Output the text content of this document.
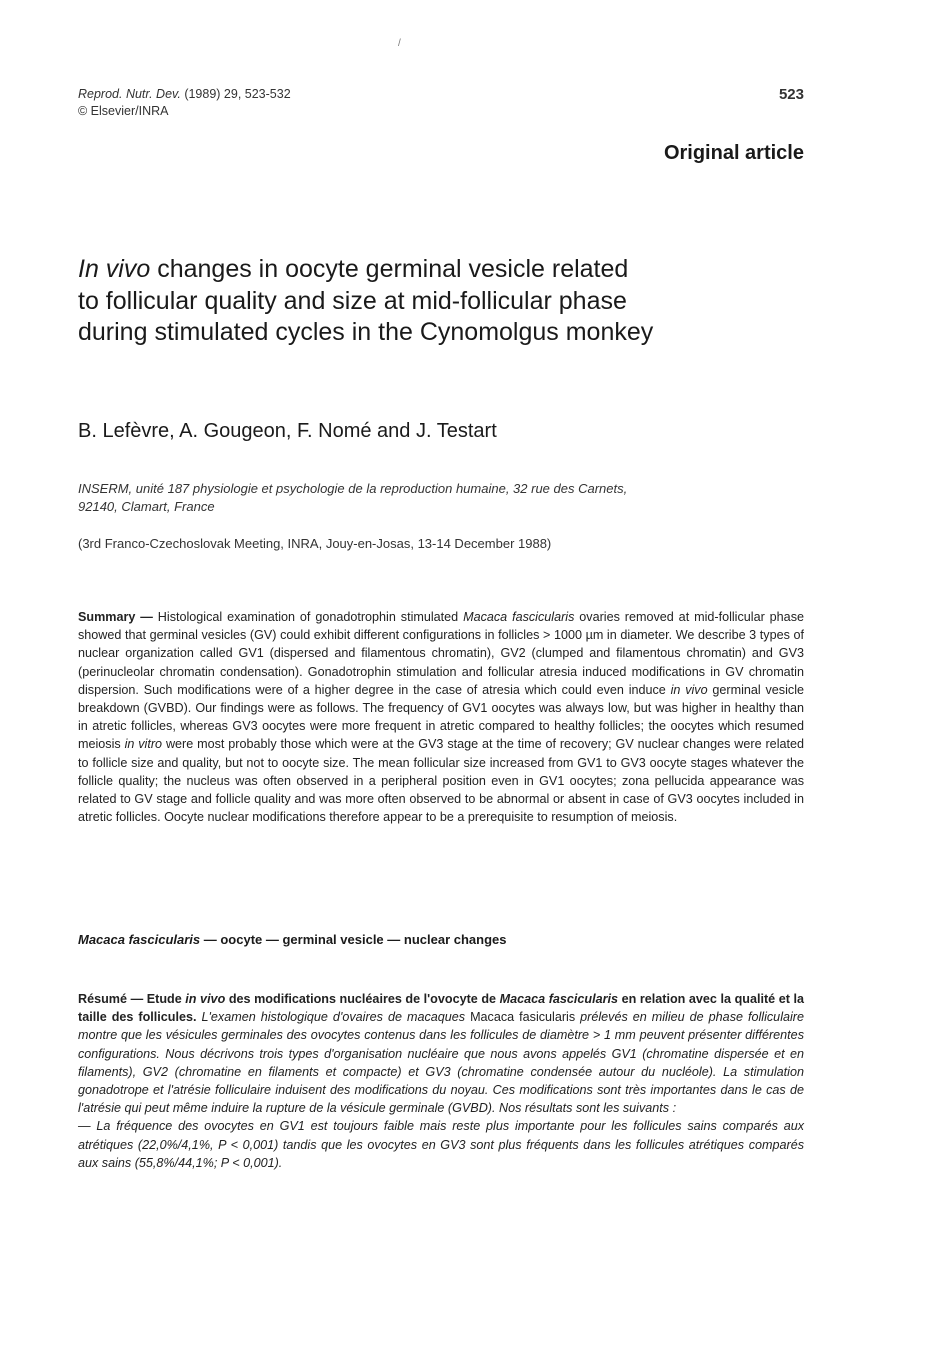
/
Reprod. Nutr. Dev. (1989) 29, 523-532
© Elsevier/INRA
523
Original article
In vivo changes in oocyte germinal vesicle related
to follicular quality and size at mid-follicular phase
during stimulated cycles in the Cynomolgus monkey
B. Lefèvre, A. Gougeon, F. Nomé and J. Testart
INSERM, unité 187 physiologie et psychologie de la reproduction humaine, 32 rue des Carnets,
92140, Clamart, France
(3rd Franco-Czechoslovak Meeting, INRA, Jouy-en-Josas, 13-14 December 1988)
Summary — Histological examination of gonadotrophin stimulated Macaca fascicularis ovaries removed at mid-follicular phase showed that germinal vesicles (GV) could exhibit different configurations in follicles > 1000 µm in diameter. We describe 3 types of nuclear organization called GV1 (dispersed and filamentous chromatin), GV2 (clumped and filamentous chromatin) and GV3 (perinucleolar chromatin condensation). Gonadotrophin stimulation and follicular atresia induced modifications in GV chromatin dispersion. Such modifications were of a higher degree in the case of atresia which could even induce in vivo germinal vesicle breakdown (GVBD). Our findings were as follows. The frequency of GV1 oocytes was always low, but was higher in healthy than in atretic follicles, whereas GV3 oocytes were more frequent in atretic compared to healthy follicles; the oocytes which resumed meiosis in vitro were most probably those which were at the GV3 stage at the time of recovery; GV nuclear changes were related to follicle size and quality, but not to oocyte size. The mean follicular size increased from GV1 to GV3 oocyte stages whatever the follicle quality; the nucleus was often observed in a peripheral position even in GV1 oocytes; zona pellucida appearance was related to GV stage and follicle quality and was more often observed to be abnormal or absent in case of GV3 oocytes included in atretic follicles. Oocyte nuclear modifications therefore appear to be a prerequisite to resumption of meiosis.
Macaca fascicularis — oocyte — germinal vesicle — nuclear changes
Résumé — Etude in vivo des modifications nucléaires de l'ovocyte de Macaca fascicularis en relation avec la qualité et la taille des follicules. L'examen histologique d'ovaires de macaques Macaca fasicularis prélevés en milieu de phase folliculaire montre que les vésicules germinales des ovocytes contenus dans les follicules de diamètre > 1 mm peuvent présenter différentes configurations. Nous décrivons trois types d'organisation nucléaire que nous avons appelés GV1 (chromatine dispersée et en filaments), GV2 (chromatine en filaments et compacte) et GV3 (chromatine condensée autour du nucléole). La stimulation gonadotrope et l'atrésie folliculaire induisent des modifications du noyau. Ces modifications sont très importantes dans le cas de l'atrésie qui peut même induire la rupture de la vésicule germinale (GVBD). Nos résultats sont les suivants :
— La fréquence des ovocytes en GV1 est toujours faible mais reste plus importante pour les follicules sains comparés aux atrétiques (22,0%/4,1%, P < 0,001) tandis que les ovocytes en GV3 sont plus fréquents dans les follicules atrétiques comparés aux sains (55,8%/44,1%; P < 0,001).
